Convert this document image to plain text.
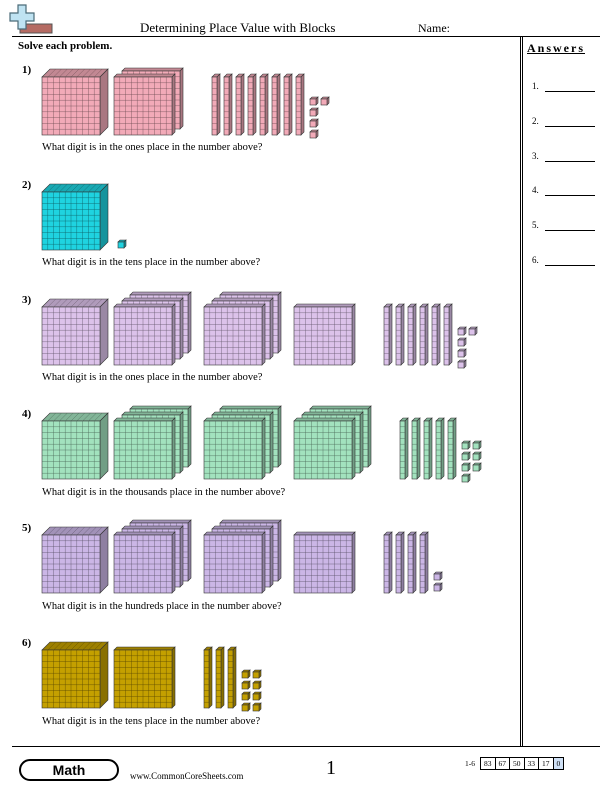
Determining Place Value with Blocks	Name:
Solve each problem.	Answers
1.
2.
3.
4.
5.
6.
1)
What digit is in the ones place in the number above?
2)
What digit is in the tens place in the number above?
3)
What digit is in the ones place in the number above?
4)
What digit is in the thousands place in the number above?
5)
What digit is in the hundreds place in the number above?
6)
What digit is in the tens place in the number above?
Math	www.CommonCoreSheets.com	1	1-6	83 67 50 33 17 0
